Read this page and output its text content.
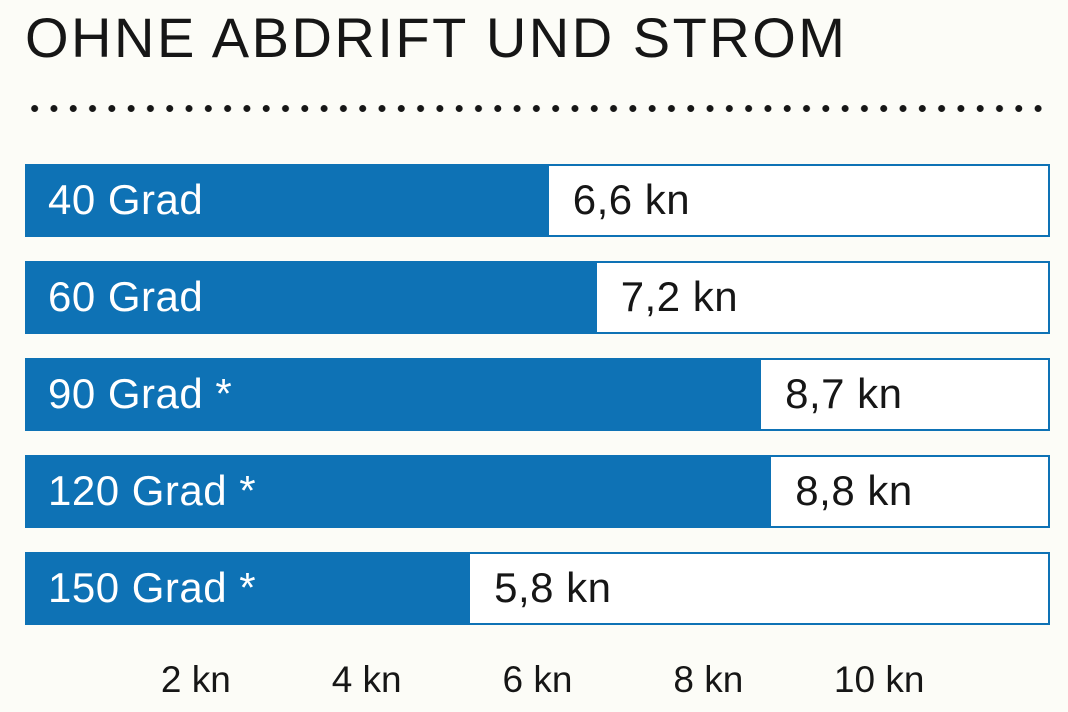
OHNE ABDRIFT UND STROM
40 Grad	6,6 kn
60 Grad	7,2 kn
90 Grad *	8,7 kn
120 Grad *	8,8 kn
150 Grad *	5,8 kn
2 kn	4 kn	6 kn	8 kn 10 kn
